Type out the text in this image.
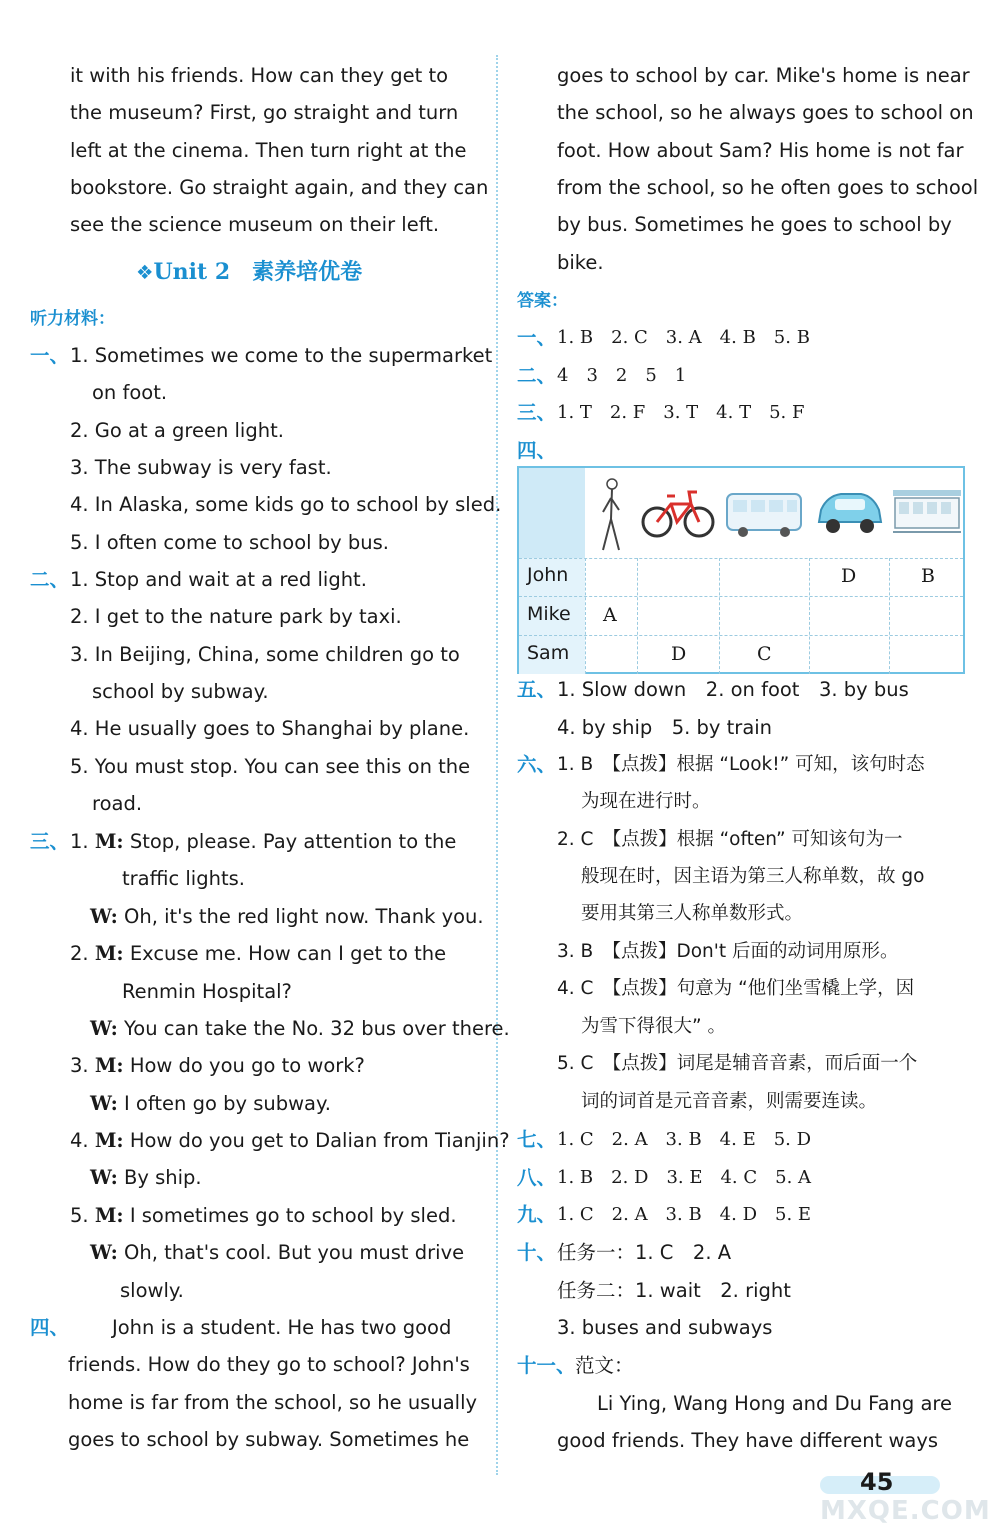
it with his friends. How can they get to
the museum? First, go straight and turn
left at the cinema. Then turn right at the
bookstore. Go straight again, and they can
see the science museum on their left.
❖Unit 2　素养培优卷
听力材料：
一、 1. Sometimes we come to the supermarket
on foot.
2. Go at a green light.
3. The subway is very fast.
4. In Alaska, some kids go to school by sled.
5. I often come to school by bus.
二、 1. Stop and wait at a red light.
2. I get to the nature park by taxi.
3. In Beijing, China, some children go to
school by subway.
4. He usually goes to Shanghai by plane.
5. You must stop. You can see this on the
road.
三、 1. M: Stop, please. Pay attention to the
traffic lights.
W: Oh, it's the red light now. Thank you.
2. M: Excuse me. How can I get to the
Renmin Hospital?
W: You can take the No. 32 bus over there.
3. M: How do you go to work?
W: I often go by subway.
4. M: How do you get to Dalian from Tianjin?
W: By ship.
5. M: I sometimes go to school by sled.
W: Oh, that's cool. But you must drive
slowly.
四、 John is a student. He has two good
friends. How do they go to school? John's
home is far from the school, so he usually
goes to school by subway. Sometimes he
goes to school by car. Mike's home is near
the school, so he always goes to school on
foot. How about Sam? His home is not far
from the school, so he often goes to school
by bus. Sometimes he goes to school by
bike.
答案：
一、 1. B　2. C　3. A　4. B　5. B
二、 4　3　2　5　1
三、 1. T　2. F　3. T　4. T　5. F
四、
John
Mike
Sam
D	B
A
D	C
五、 1. Slow down　2. on foot　3. by bus
4. by ship　5. by train
六、 1. B　【点拨】根据 “Look!” 可知，该句时态
为现在进行时。
2. C　【点拨】根据 “often” 可知该句为一
般现在时，因主语为第三人称单数，故 go
要用其第三人称单数形式。
3. B　【点拨】Don't 后面的动词用原形。
4. C　【点拨】句意为 “他们坐雪橇上学，因
为雪下得很大” 。
5. C　【点拨】词尾是辅音音素，而后面一个
词的词首是元音音素，则需要连读。
七、 1. C　2. A　3. B　4. E　5. D
八、 1. B　2. D　3. E　4. C　5. A
九、 1. C　2. A　3. B　4. D　5. E
十、 任务一：1. C　2. A
任务二：1. wait　2. right
3. buses and subways
十一、 范文：
Li Ying, Wang Hong and Du Fang are
good friends. They have different ways
45
MXQE.COM
